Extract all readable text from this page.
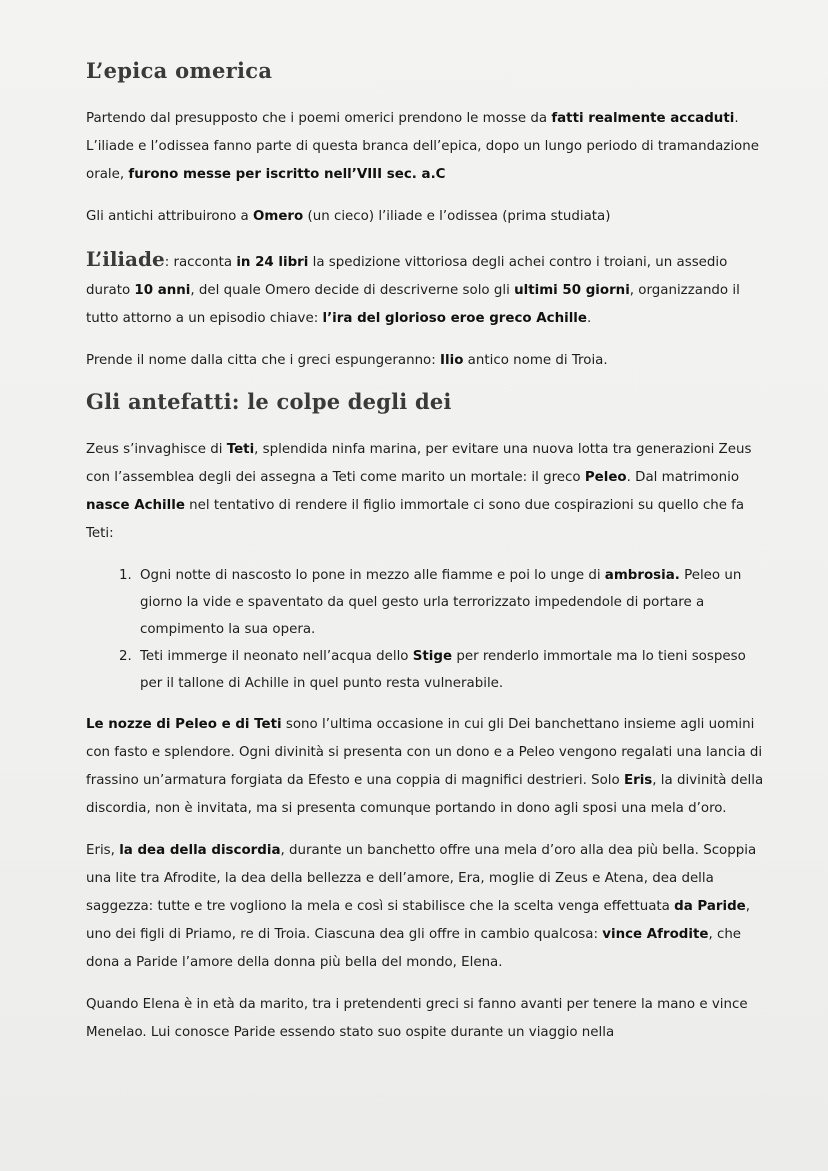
L’epica omerica

Partendo dal presupposto che i poemi omerici prendono le mosse da fatti realmente accaduti. L’iliade e l’odissea fanno parte di questa branca dell’epica, dopo un lungo periodo di tramandazione orale, furono messe per iscritto nell’VIII sec. a.C

Gli antichi attribuirono a Omero (un cieco) l’iliade e l’odissea (prima studiata)

L’iliade: racconta in 24 libri la spedizione vittoriosa degli achei contro i troiani, un assedio durato 10 anni, del quale Omero decide di descriverne solo gli ultimi 50 giorni, organizzando il tutto attorno a un episodio chiave: l’ira del glorioso eroe greco Achille.

Prende il nome dalla citta che i greci espungeranno: Ilio antico nome di Troia.

Gli antefatti: le colpe degli dei

Zeus s’invaghisce di Teti, splendida ninfa marina, per evitare una nuova lotta tra generazioni Zeus con l’assemblea degli dei assegna a Teti come marito un mortale: il greco Peleo. Dal matrimonio nasce Achille nel tentativo di rendere il figlio immortale ci sono due cospirazioni su quello che fa Teti:

1. Ogni notte di nascosto lo pone in mezzo alle fiamme e poi lo unge di ambrosia. Peleo un giorno la vide e spaventato da quel gesto urla terrorizzato impedendole di portare a compimento la sua opera.
2. Teti immerge il neonato nell’acqua dello Stige per renderlo immortale ma lo tieni sospeso per il tallone di Achille in quel punto resta vulnerabile.

Le nozze di Peleo e di Teti sono l’ultima occasione in cui gli Dei banchettano insieme agli uomini con fasto e splendore. Ogni divinità si presenta con un dono e a Peleo vengono regalati una lancia di frassino un’armatura forgiata da Efesto e una coppia di magnifici destrieri. Solo Eris, la divinità della discordia, non è invitata, ma si presenta comunque portando in dono agli sposi una mela d’oro.

Eris, la dea della discordia, durante un banchetto offre una mela d’oro alla dea più bella. Scoppia una lite tra Afrodite, la dea della bellezza e dell’amore, Era, moglie di Zeus e Atena, dea della saggezza: tutte e tre vogliono la mela e così si stabilisce che la scelta venga effettuata da Paride, uno dei figli di Priamo, re di Troia. Ciascuna dea gli offre in cambio qualcosa: vince Afrodite, che dona a Paride l’amore della donna più bella del mondo, Elena.

Quando Elena è in età da marito, tra i pretendenti greci si fanno avanti per tenere la mano e vince Menelao. Lui conosce Paride essendo stato suo ospite durante un viaggio nella
